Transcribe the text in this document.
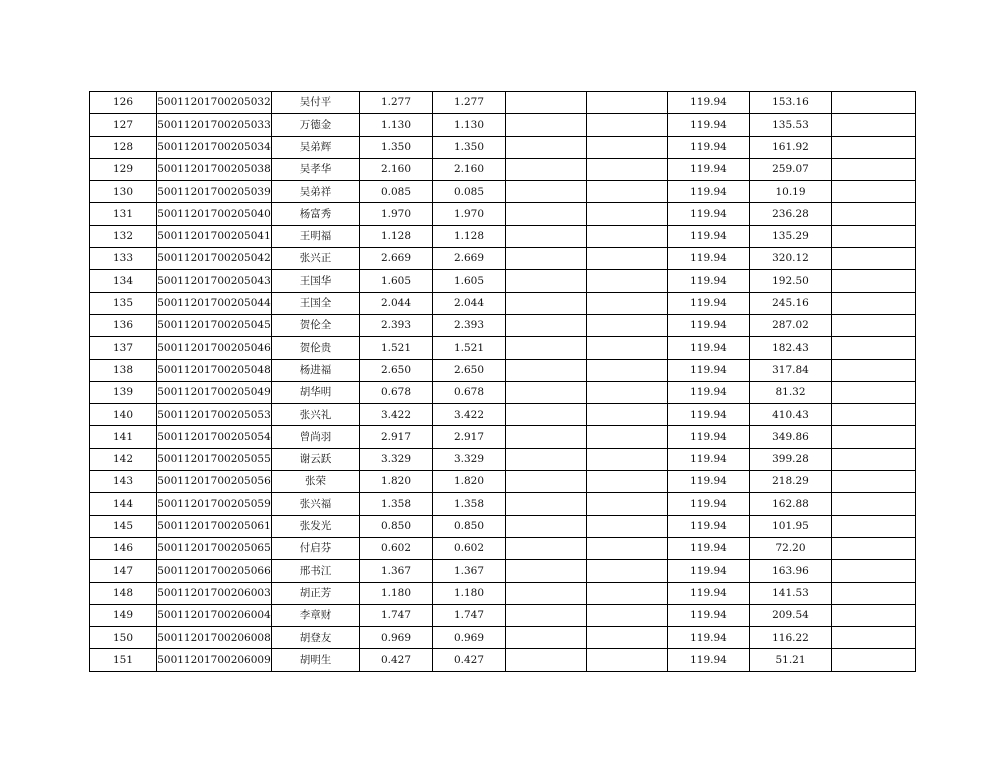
126	50011201700205032	吴付平	1.277	1.277			119.94	153.16	
127	50011201700205033	万德金	1.130	1.130			119.94	135.53	
128	50011201700205034	吴弟辉	1.350	1.350			119.94	161.92	
129	50011201700205038	吴孝华	2.160	2.160			119.94	259.07	
130	50011201700205039	吴弟祥	0.085	0.085			119.94	10.19	
131	50011201700205040	杨富秀	1.970	1.970			119.94	236.28	
132	50011201700205041	王明福	1.128	1.128			119.94	135.29	
133	50011201700205042	张兴正	2.669	2.669			119.94	320.12	
134	50011201700205043	王国华	1.605	1.605			119.94	192.50	
135	50011201700205044	王国全	2.044	2.044			119.94	245.16	
136	50011201700205045	贺伦全	2.393	2.393			119.94	287.02	
137	50011201700205046	贺伦贵	1.521	1.521			119.94	182.43	
138	50011201700205048	杨进福	2.650	2.650			119.94	317.84	
139	50011201700205049	胡华明	0.678	0.678			119.94	81.32	
140	50011201700205053	张兴礼	3.422	3.422			119.94	410.43	
141	50011201700205054	曾尚羽	2.917	2.917			119.94	349.86	
142	50011201700205055	谢云跃	3.329	3.329			119.94	399.28	
143	50011201700205056	张荣	1.820	1.820			119.94	218.29	
144	50011201700205059	张兴福	1.358	1.358			119.94	162.88	
145	50011201700205061	张发光	0.850	0.850			119.94	101.95	
146	50011201700205065	付启芬	0.602	0.602			119.94	72.20	
147	50011201700205066	邢书江	1.367	1.367			119.94	163.96	
148	50011201700206003	胡正芳	1.180	1.180			119.94	141.53	
149	50011201700206004	李章财	1.747	1.747			119.94	209.54	
150	50011201700206008	胡登友	0.969	0.969			119.94	116.22	
151	50011201700206009	胡明生	0.427	0.427			119.94	51.21	
